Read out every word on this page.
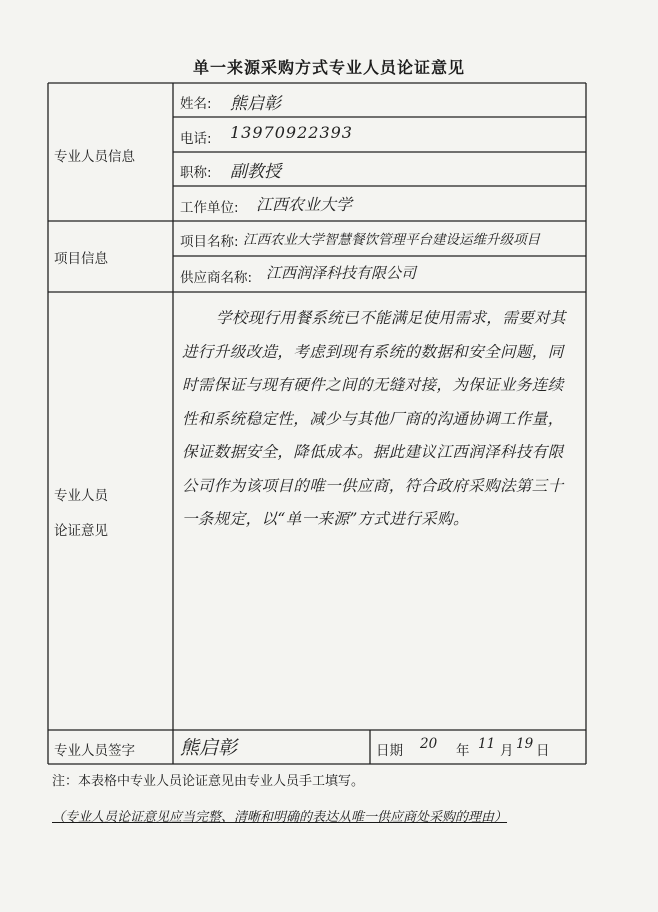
单一来源采购方式专业人员论证意见
专业人员信息
项目信息
专业人员
论证意见
专业人员签字
姓名: 熊启彰
电话: 13970922393
职称: 副教授
工作单位: 江西农业大学
项目名称: 江西农业大学智慧餐饮管理平台建设运维升级项目
供应商名称: 江西润泽科技有限公司
学校现行用餐系统已不能满足使用需求，需要对其进行升级改造，考虑到现有系统的数据和安全问题，同时需保证与现有硬件之间的无缝对接，为保证业务连续性和系统稳定性，减少与其他厂商的沟通协调工作量，保证数据安全，降低成本。据此建议江西润泽科技有限公司作为该项目的唯一供应商，符合政府采购法第三十一条规定，以“单一来源”方式进行采购。
熊启彰	日期 20 年 11 月 19 日
注：本表格中专业人员论证意见由专业人员手工填写。
（专业人员论证意见应当完整、清晰和明确的表达从唯一供应商处采购的理由）
